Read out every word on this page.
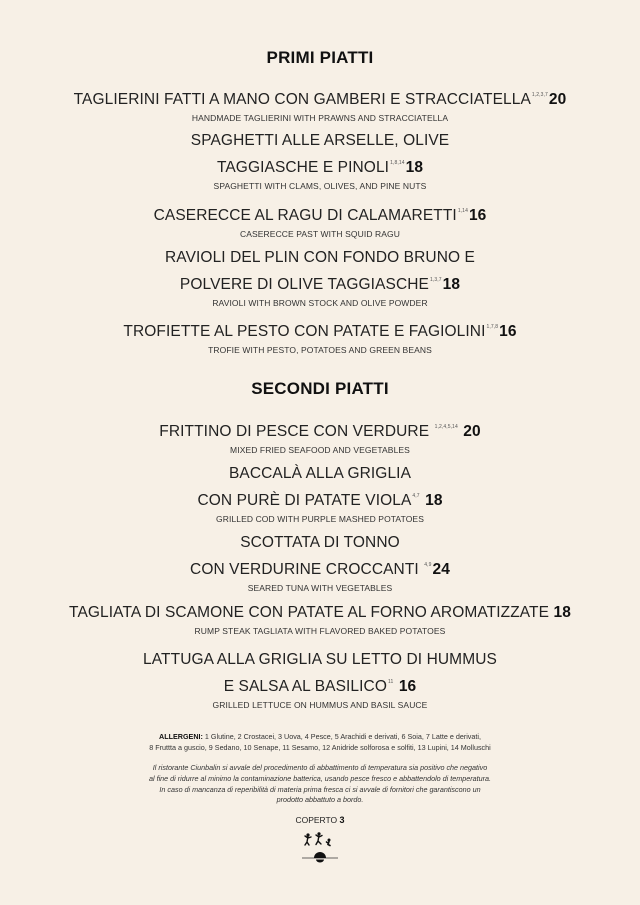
PRIMI PIATTI
TAGLIERINI FATTI A MANO CON GAMBERI E STRACCIATELLA$^{1,2,3,7}$20
HANDMADE TAGLIERINI WITH PRAWNS AND STRACCIATELLA
SPAGHETTI ALLE ARSELLE, OLIVE
TAGGIASCHE E PINOLI$^{1,8,14}$18
SPAGHETTI WITH CLAMS, OLIVES, AND PINE NUTS
CASERECCE AL RAGU DI CALAMARETTI$^{1,14}$16
CASERECCE PAST WITH SQUID RAGU
RAVIOLI DEL PLIN CON FONDO BRUNO E
POLVERE DI OLIVE TAGGIASCHE$^{1,3,7}$18
RAVIOLI WITH BROWN STOCK AND OLIVE POWDER
TROFIETTE AL PESTO CON PATATE E FAGIOLINI$^{1,7,8}$16
TROFIE WITH PESTO, POTATOES AND GREEN BEANS
SECONDI PIATTI
FRITTINO DI PESCE CON VERDURE $^{1,2,4,5,14}$ 20
MIXED FRIED SEAFOOD AND VEGETABLES
BACCALÀ ALLA GRIGLIA
CON PURÈ DI PATATE VIOLA$^{4,7}$ 18
GRILLED COD WITH PURPLE MASHED POTATOES
SCOTTATA DI TONNO
CON VERDURINE CROCCANTI $^{4,9}$24
SEARED TUNA WITH VEGETABLES
TAGLIATA DI SCAMONE CON PATATE AL FORNO AROMATIZZATE 18
RUMP STEAK TAGLIATA WITH FLAVORED BAKED POTATOES
LATTUGA ALLA GRIGLIA SU LETTO DI HUMMUS
E SALSA AL BASILICO$^{11}$ 16
GRILLED LETTUCE ON HUMMUS AND BASIL SAUCE
ALLERGENI: 1 Glutine, 2 Crostacei, 3 Uova, 4 Pesce, 5 Arachidi e derivati, 6 Soia, 7 Latte e derivati,
8 Fruttta a guscio, 9 Sedano, 10 Senape, 11 Sesamo, 12 Anidride solforosa e solfiti, 13 Lupini, 14 Molluschi
Il ristorante Ciunbalin si avvale del procedimento di abbattimento di temperatura sia positivo che negativo
al fine di ridurre al minimo la contaminazione batterica, usando pesce fresco e abbattendolo di temperatura.
In caso di mancanza di reperibilità di materia prima fresca ci si avvale di fornitori che garantiscono un
prodotto abbattuto a bordo.
COPERTO 3
